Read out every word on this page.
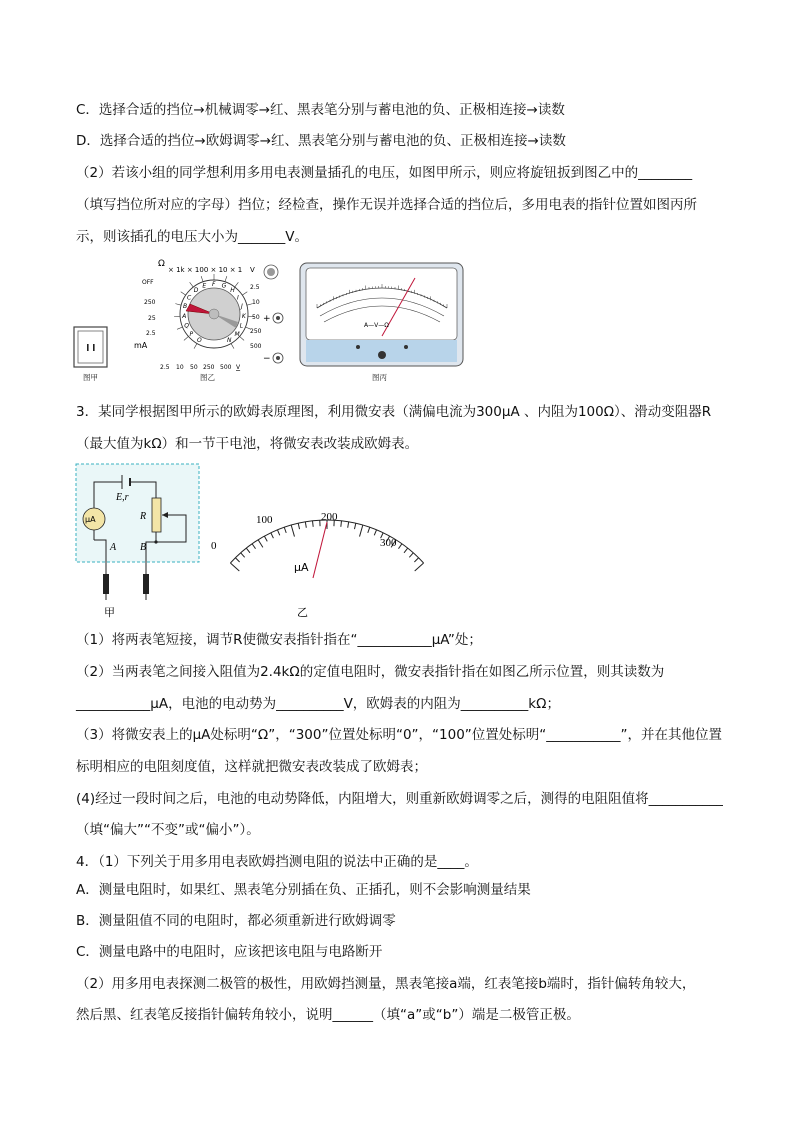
C．选择合适的挡位→机械调零→红、黑表笔分别与蓄电池的负、正极相连接→读数
D．选择合适的挡位→欧姆调零→红、黑表笔分别与蓄电池的负、正极相连接→读数
（2）若该小组的同学想利用多用电表测量插孔的电压，如图甲所示，则应将旋钮扳到图乙中的________
（填写挡位所对应的字母）挡位；经检查，操作无误并选择合适的挡位后，多用电表的指针位置如图丙所
示，则该插孔的电压大小为_______V。
图甲
Ω
× 1k × 100 × 10 × 1 V
O
P
Q
A
B
C
D
E F G
H
I
J
K
L
M
N
OFF
250
25
2.5
mA
2.5
10
50
250
500
2.5 10 50 250 500 V
+
−
图乙
A—V—Ω
图丙
3．某同学根据图甲所示的欧姆表原理图，利用微安表（满偏电流为300μA 、内阻为100Ω）、滑动变阻器R
（最大值为kΩ）和一节干电池，将微安表改装成欧姆表。
E,r
R
μA
A B
甲
0
100	200
300
μA
乙
（1）将两表笔短接，调节R使微安表指针指在“___________μA”处；
（2）当两表笔之间接入阻值为2.4kΩ的定值电阻时，微安表指针指在如图乙所示位置，则其读数为
___________μA，电池的电动势为__________V，欧姆表的内阻为__________kΩ；
（3）将微安表上的μA处标明“Ω”，“300”位置处标明“0”，“100”位置处标明“___________”，并在其他位置
标明相应的电阻刻度值，这样就把微安表改装成了欧姆表；
(4)经过一段时间之后，电池的电动势降低，内阻增大，则重新欧姆调零之后，测得的电阻阻值将___________
（填“偏大”“不变”或“偏小”）。
4．（1）下列关于用多用电表欧姆挡测电阻的说法中正确的是____。
A．测量电阻时，如果红、黑表笔分别插在负、正插孔，则不会影响测量结果
B．测量阻值不同的电阻时，都必须重新进行欧姆调零
C．测量电路中的电阻时，应该把该电阻与电路断开
（2）用多用电表探测二极管的极性，用欧姆挡测量，黑表笔接a端，红表笔接b端时，指针偏转角较大，
然后黑、红表笔反接指针偏转角较小，说明______（填“a”或“b”）端是二极管正极。
